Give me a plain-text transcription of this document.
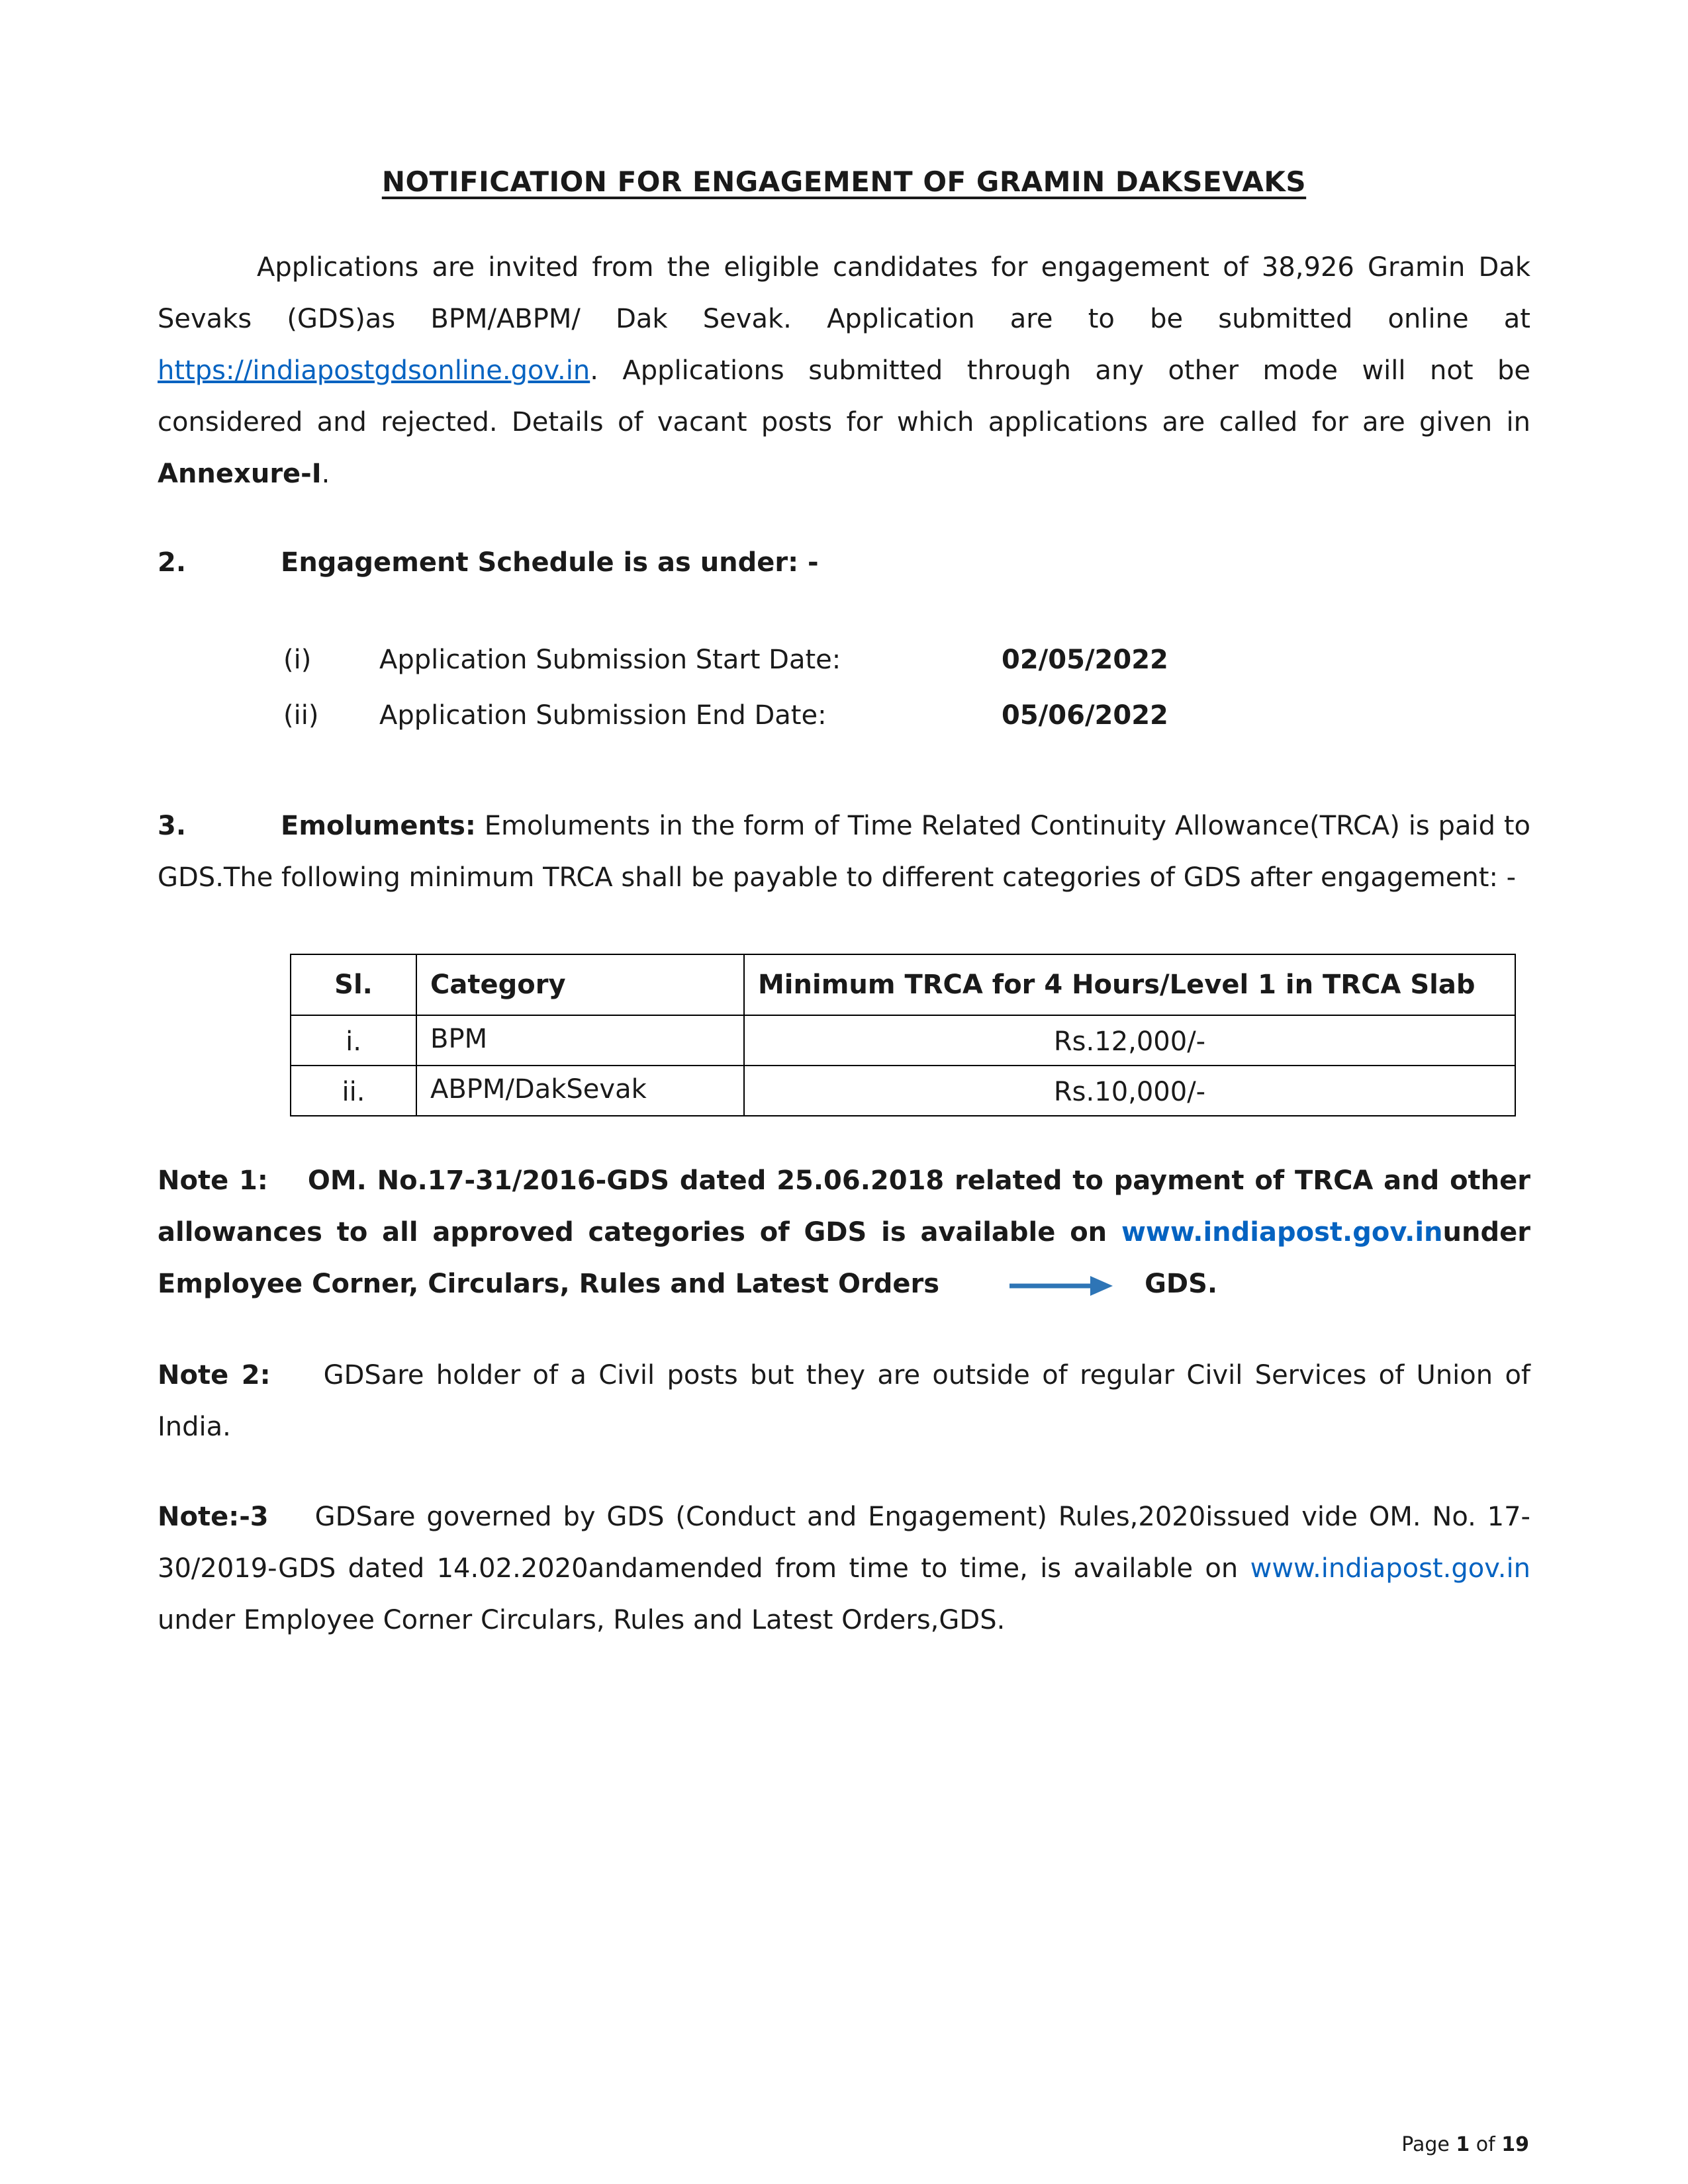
NOTIFICATION FOR ENGAGEMENT OF GRAMIN DAKSEVAKS

Applications are invited from the eligible candidates for engagement of 38,926 Gramin Dak Sevaks (GDS)as BPM/ABPM/ Dak Sevak. Application are to be submitted online at https://indiapostgdsonline.gov.in. Applications submitted through any other mode will not be considered and rejected. Details of vacant posts for which applications are called for are given in Annexure-I.

2.	Engagement Schedule is as under: -
(i)	Application Submission Start Date:	02/05/2022
(ii) Application Submission End Date:	05/06/2022

3.	Emoluments: Emoluments in the form of Time Related Continuity Allowance(TRCA) is paid to GDS.The following minimum TRCA shall be payable to different categories of GDS after engagement: -

Sl.	Category	Minimum TRCA for 4 Hours/Level 1 in TRCA Slab
i.	BPM	Rs.12,000/-
ii.	ABPM/DakSevak	Rs.10,000/-

Note 1: OM. No.17-31/2016-GDS dated 25.06.2018 related to payment of TRCA and other allowances to all approved categories of GDS is available on www.indiapost.gov.inunder Employee Corner, Circulars, Rules and Latest Orders	GDS.

Note 2: GDSare holder of a Civil posts but they are outside of regular Civil Services of Union of India.

Note:-3 GDSare governed by GDS (Conduct and Engagement) Rules,2020issued vide OM. No. 17-30/2019-GDS dated 14.02.2020andamended from time to time, is available on www.indiapost.gov.in under Employee Corner Circulars, Rules and Latest Orders,GDS.

Page 1 of 19
